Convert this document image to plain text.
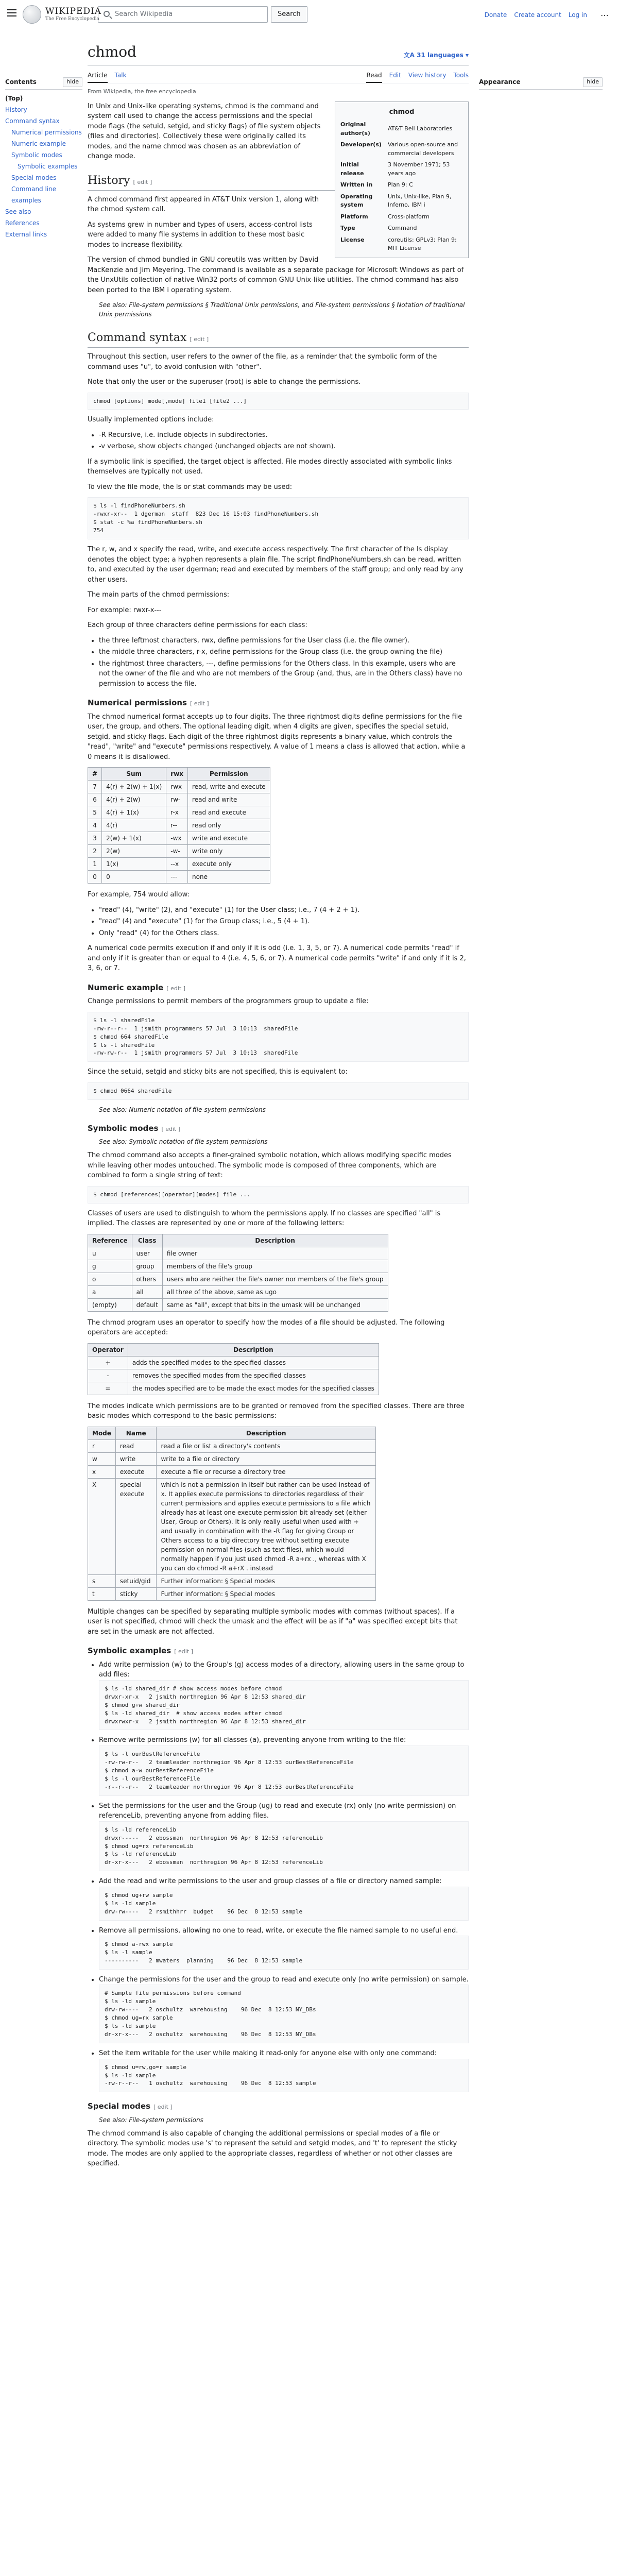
WIKIPEDIA
The Free Encyclopedia
Search Wikipedia	Search	Donate Create account Log in ⋯
Contents	hide
(Top)
History
Command syntax
Numerical permissions
Numeric example
Symbolic modes
Symbolic examples
Special modes
Command line examples
See also
References
External links
Appearance	hide
chmod	文A 31 languages ▾
Article Talk	Read Edit View history Tools
From Wikipedia, the free encyclopedia
chmod
Original author(s)	AT&T Bell Laboratories
Developer(s)	Various open-source and commercial developers
Initial release	3 November 1971; 53 years ago
Written in	Plan 9: C
Operating system	Unix, Unix-like, Plan 9, Inferno, IBM i
Platform	Cross-platform
Type	Command
License	coreutils: GPLv3; Plan 9: MIT License

In Unix and Unix-like operating systems, chmod is the command and system call used to change the access permissions and the special mode flags (the setuid, setgid, and sticky flags) of file system objects (files and directories). Collectively these were originally called its modes, and the name chmod was chosen as an abbreviation of change mode.

History [ edit ]

A chmod command first appeared in AT&T Unix version 1, along with the chmod system call.

As systems grew in number and types of users, access-control lists were added to many file systems in addition to these most basic modes to increase flexibility.

The version of chmod bundled in GNU coreutils was written by David MacKenzie and Jim Meyering. The command is available as a separate package for Microsoft Windows as part of the UnxUtils collection of native Win32 ports of common GNU Unix-like utilities. The chmod command has also been ported to the IBM i operating system.

See also: File-system permissions § Traditional Unix permissions, and File-system permissions § Notation of traditional Unix permissions
Command syntax [ edit ]

Throughout this section, user refers to the owner of the file, as a reminder that the symbolic form of the command uses "u", to avoid confusion with "other".

Note that only the user or the superuser (root) is able to change the permissions.

chmod [options] mode[,mode] file1 [file2 ...]

Usually implemented options include:

• -R Recursive, i.e. include objects in subdirectories.
• -v verbose, show objects changed (unchanged objects are not shown).

If a symbolic link is specified, the target object is affected. File modes directly associated with symbolic links themselves are typically not used.

To view the file mode, the ls or stat commands may be used:

$ ls -l findPhoneNumbers.sh
-rwxr-xr--  1 dgerman  staff  823 Dec 16 15:03 findPhoneNumbers.sh
$ stat -c %a findPhoneNumbers.sh
754

The r, w, and x specify the read, write, and execute access respectively. The first character of the ls display denotes the object type; a hyphen represents a plain file. The script findPhoneNumbers.sh can be read, written to, and executed by the user dgerman; read and executed by members of the staff group; and only read by any other users.

The main parts of the chmod permissions:

For example: rwxr-x---

Each group of three characters define permissions for each class:

• the three leftmost characters, rwx, define permissions for the User class (i.e. the file owner).
• the middle three characters, r-x, define permissions for the Group class (i.e. the group owning the file)
• the rightmost three characters, ---, define permissions for the Others class. In this example, users who are not the owner of the file and who are not members of the Group (and, thus, are in the Others class) have no permission to access the file.
Numerical permissions [ edit ]

The chmod numerical format accepts up to four digits. The three rightmost digits define permissions for the file user, the group, and others. The optional leading digit, when 4 digits are given, specifies the special setuid, setgid, and sticky flags. Each digit of the three rightmost digits represents a binary value, which controls the "read", "write" and "execute" permissions respectively. A value of 1 means a class is allowed that action, while a 0 means it is disallowed.

#	Sum	rwx	Permission
7	4(r) + 2(w) + 1(x)	rwx	read, write and execute
6	4(r) + 2(w)	rw-	read and write
5	4(r) + 1(x)	r-x	read and execute
4	4(r)	r--	read only
3	2(w) + 1(x)	-wx	write and execute
2	2(w)	-w-	write only
1	1(x)	--x	execute only
0	0	---	none

For example, 754 would allow:

• "read" (4), "write" (2), and "execute" (1) for the User class; i.e., 7 (4 + 2 + 1).
• "read" (4) and "execute" (1) for the Group class; i.e., 5 (4 + 1).
• Only "read" (4) for the Others class.

A numerical code permits execution if and only if it is odd (i.e. 1, 3, 5, or 7). A numerical code permits "read" if and only if it is greater than or equal to 4 (i.e. 4, 5, 6, or 7). A numerical code permits "write" if and only if it is 2, 3, 6, or 7.

Numeric example [ edit ]

Change permissions to permit members of the programmers group to update a file:

$ ls -l sharedFile
-rw-r--r--  1 jsmith programmers 57 Jul  3 10:13  sharedFile
$ chmod 664 sharedFile
$ ls -l sharedFile
-rw-rw-r--  1 jsmith programmers 57 Jul  3 10:13  sharedFile

Since the setuid, setgid and sticky bits are not specified, this is equivalent to:

$ chmod 0664 sharedFile
See also: Numeric notation of file-system permissions
Symbolic modes [ edit ]
See also: Symbolic notation of file system permissions

The chmod command also accepts a finer-grained symbolic notation, which allows modifying specific modes while leaving other modes untouched. The symbolic mode is composed of three components, which are combined to form a single string of text:

$ chmod [references][operator][modes] file ...

Classes of users are used to distinguish to whom the permissions apply. If no classes are specified "all" is implied. The classes are represented by one or more of the following letters:

Reference	Class	Description
u	user	file owner
g	group	members of the file's group
o	others	users who are neither the file's owner nor members of the file's group
a	all	all three of the above, same as ugo
(empty)	default	same as "all", except that bits in the umask will be unchanged

The chmod program uses an operator to specify how the modes of a file should be adjusted. The following operators are accepted:

Operator	Description
+	adds the specified modes to the specified classes
-	removes the specified modes from the specified classes
=	the modes specified are to be made the exact modes for the specified classes

The modes indicate which permissions are to be granted or removed from the specified classes. There are three basic modes which correspond to the basic permissions:

Mode	Name	Description
r	read	read a file or list a directory's contents
w	write	write to a file or directory
x	execute	execute a file or recurse a directory tree
X	special execute	which is not a permission in itself but rather can be used instead of x. It applies execute permissions to directories regardless of their current permissions and applies execute permissions to a file which already has at least one execute permission bit already set (either User, Group or Others). It is only really useful when used with + and usually in combination with the -R flag for giving Group or Others access to a big directory tree without setting execute permission on normal files (such as text files), which would normally happen if you just used chmod -R a+rx ., whereas with X you can do chmod -R a+rX . instead
s	setuid/gid	Further information: § Special modes
t	sticky	Further information: § Special modes

Multiple changes can be specified by separating multiple symbolic modes with commas (without spaces). If a user is not specified, chmod will check the umask and the effect will be as if "a" was specified except bits that are set in the umask are not affected.

Symbolic examples [ edit ]
• Add write permission (w) to the Group's (g) access modes of a directory, allowing users in the same group to add files:
$ ls -ld shared_dir # show access modes before chmod
drwxr-xr-x   2 jsmith northregion 96 Apr 8 12:53 shared_dir
$ chmod g+w shared_dir
$ ls -ld shared_dir  # show access modes after chmod
drwxrwxr-x   2 jsmith northregion 96 Apr 8 12:53 shared_dir
• Remove write permissions (w) for all classes (a), preventing anyone from writing to the file:
$ ls -l ourBestReferenceFile
-rw-rw-r--   2 teamleader northregion 96 Apr 8 12:53 ourBestReferenceFile
$ chmod a-w ourBestReferenceFile
$ ls -l ourBestReferenceFile
-r--r--r--   2 teamleader northregion 96 Apr 8 12:53 ourBestReferenceFile
• Set the permissions for the user and the Group (ug) to read and execute (rx) only (no write permission) on referenceLib, preventing anyone from adding files.
$ ls -ld referenceLib
drwxr-----   2 ebossman  northregion 96 Apr 8 12:53 referenceLib
$ chmod ug=rx referenceLib
$ ls -ld referenceLib
dr-xr-x---   2 ebossman  northregion 96 Apr 8 12:53 referenceLib
• Add the read and write permissions to the user and group classes of a file or directory named sample:
$ chmod ug+rw sample
$ ls -ld sample
drw-rw----   2 rsmithhrr  budget    96 Dec  8 12:53 sample
• Remove all permissions, allowing no one to read, write, or execute the file named sample to no useful end.
$ chmod a-rwx sample
$ ls -l sample
----------   2 mwaters  planning    96 Dec  8 12:53 sample
• Change the permissions for the user and the group to read and execute only (no write permission) on sample.
# Sample file permissions before command
$ ls -ld sample
drw-rw----   2 oschultz  warehousing    96 Dec  8 12:53 NY_DBs
$ chmod ug=rx sample
$ ls -ld sample
dr-xr-x---   2 oschultz  warehousing    96 Dec  8 12:53 NY_DBs
• Set the item writable for the user while making it read-only for anyone else with only one command:
$ chmod u=rw,go=r sample
$ ls -ld sample
-rw-r--r--   1 oschultz  warehousing    96 Dec  8 12:53 sample
Special modes [ edit ]
See also: File-system permissions

The chmod command is also capable of changing the additional permissions or special modes of a file or directory. The symbolic modes use 's' to represent the setuid and setgid modes, and 't' to represent the sticky mode. The modes are only applied to the appropriate classes, regardless of whether or not other classes are specified.
